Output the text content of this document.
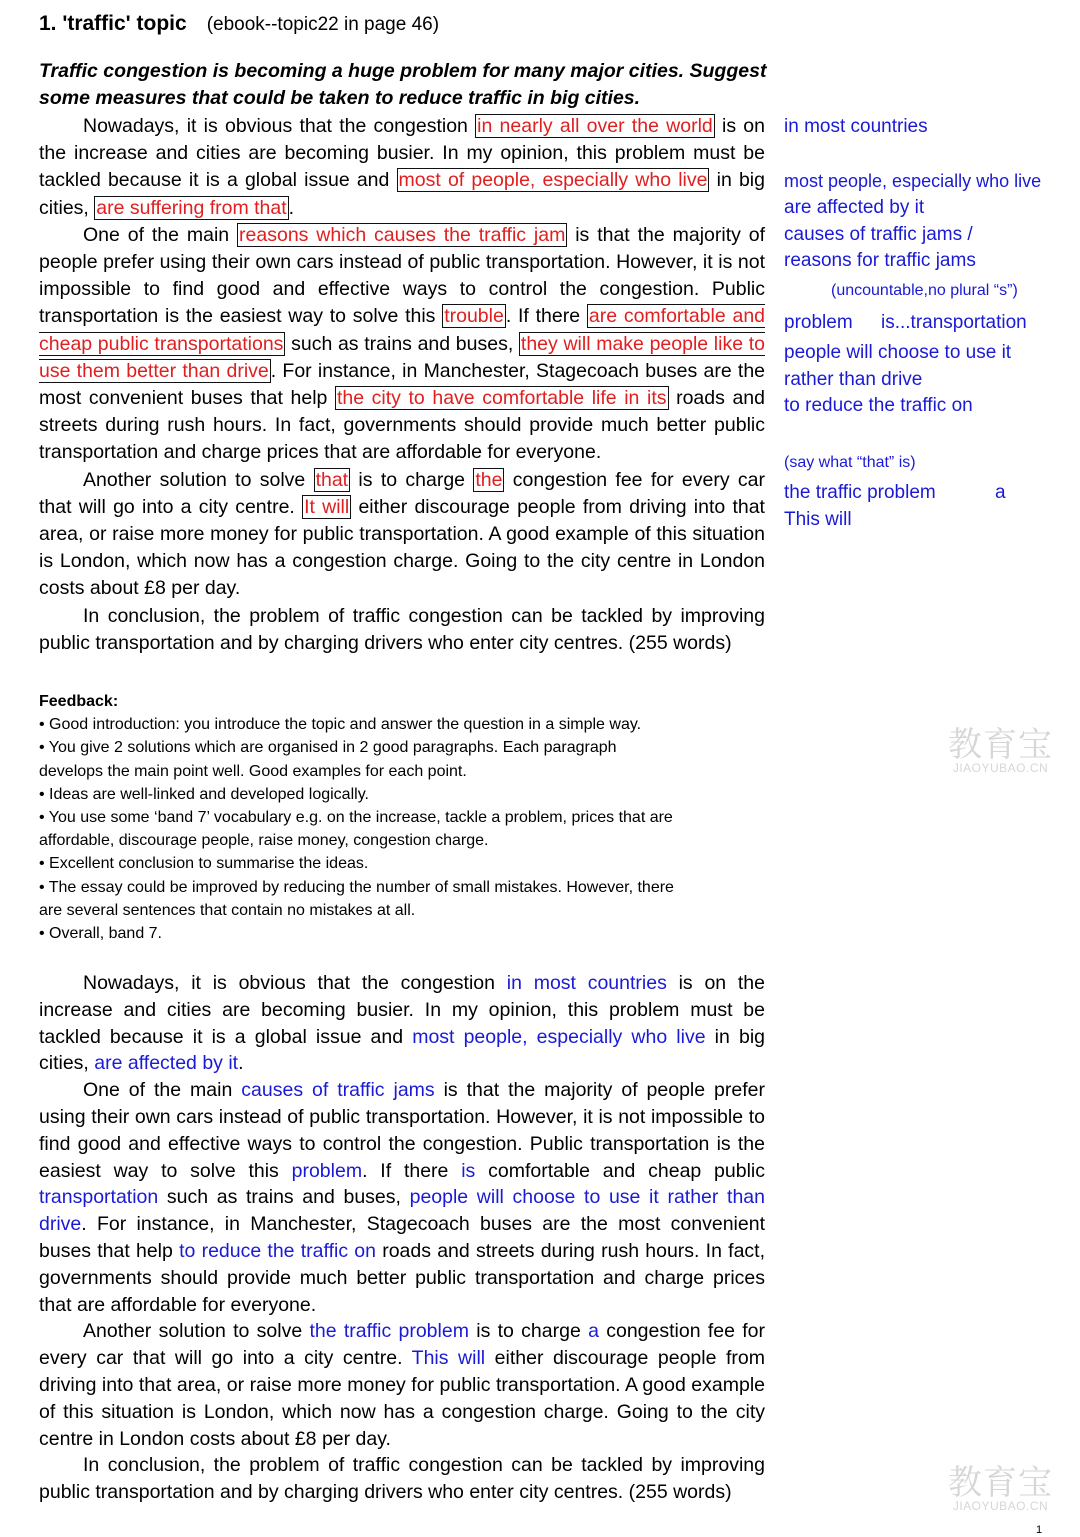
1. 'traffic' topic (ebook--topic22 in page 46)
Traffic congestion is becoming a huge problem for many major cities. Suggest some measures that could be taken to reduce traffic in big cities.

Nowadays, it is obvious that the congestion in nearly all over the world is on the increase and cities are becoming busier. In my opinion, this problem must be tackled because it is a global issue and most of people, especially who live in big cities, are suffering from that .

One of the main reasons which causes the traffic jam is that the majority of people prefer using their own cars instead of public transportation. However, it is not impossible to find good and effective ways to control the congestion. Public transportation is the easiest way to solve this trouble . If there are comfortable and cheap public transportations such as trains and buses, they will make people like to use them better than drive . For instance, in Manchester, Stagecoach buses are the most convenient buses that help the city to have comfortable life in its roads and streets during rush hours. In fact, governments should provide much better public transportation and charge prices that are affordable for everyone.

Another solution to solve that is to charge the congestion fee for every car that will go into a city centre. It will either discourage people from driving into that area, or raise more money for public transportation. A good example of this situation is London, which now has a congestion charge. Going to the city centre in London costs about £8 per day.

In conclusion, the problem of traffic congestion can be tackled by improving public transportation and by charging drivers who enter city centres. (255 words)

in most countries
most people, especially who live
are affected by it
causes of traffic jams /
reasons for traffic jams
(uncountable,no plural “s”)
problem is...transportation
people will choose to use it
rather than drive
to reduce the traffic on
(say what “that” is)
the traffic problem	a
This will
Feedback:
• Good introduction: you introduce the topic and answer the question in a simple way.
• You give 2 solutions which are organised in 2 good paragraphs. Each paragraph
develops the main point well. Good examples for each point.
• Ideas are well-linked and developed logically.
• You use some ‘band 7’ vocabulary e.g. on the increase, tackle a problem, prices that are
affordable, discourage people, raise money, congestion charge.
• Excellent conclusion to summarise the ideas.
• The essay could be improved by reducing the number of small mistakes. However, there
are several sentences that contain no mistakes at all.
• Overall, band 7.

Nowadays, it is obvious that the congestion in most countries is on the increase and cities are becoming busier. In my opinion, this problem must be tackled because it is a global issue and most people, especially who live in big cities, are affected by it.

One of the main causes of traffic jams is that the majority of people prefer using their own cars instead of public transportation. However, it is not impossible to find good and effective ways to control the congestion. Public transportation is the easiest way to solve this problem. If there is comfortable and cheap public transportation such as trains and buses, people will choose to use it rather than drive. For instance, in Manchester, Stagecoach buses are the most convenient buses that help to reduce the traffic on roads and streets during rush hours. In fact, governments should provide much better public transportation and charge prices that are affordable for everyone.

Another solution to solve the traffic problem is to charge a congestion fee for every car that will go into a city centre. This will either discourage people from driving into that area, or raise more money for public transportation. A good example of this situation is London, which now has a congestion charge. Going to the city centre in London costs about £8 per day.

In conclusion, the problem of traffic congestion can be tackled by improving public transportation and by charging drivers who enter city centres. (255 words)

教育宝
JIAOYUBAO.CN
教育宝
JIAOYUBAO.CN
1
